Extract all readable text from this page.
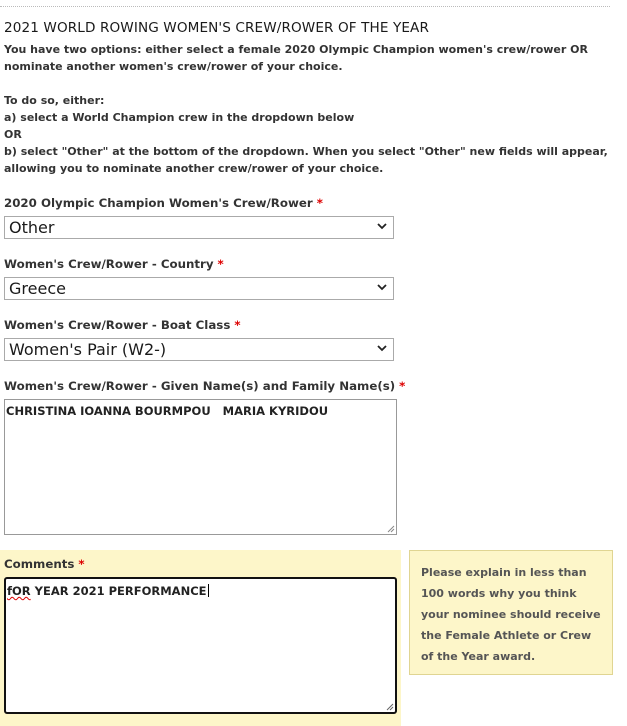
2021 WORLD ROWING WOMEN'S CREW/ROWER OF THE YEAR

You have two options: either select a female 2020 Olympic Champion women's crew/rower OR nominate another women's crew/rower of your choice.

To do so, either:

a) select a World Champion crew in the dropdown below

OR

b) select "Other" at the bottom of the dropdown. When you select "Other" new fields will appear, allowing you to nominate another crew/rower of your choice.

2020 Olympic Champion Women's Crew/Rower *
Other
Women's Crew/Rower - Country *
Greece
Women's Crew/Rower - Boat Class *
Women's Pair (W2-)
Women's Crew/Rower - Given Name(s) and Family Name(s) *
CHRISTINA IOANNA BOURMPOU   MARIA KYRIDOU
Comments *
fOR YEAR 2021 PERFORMANCE
Please explain in less than 100 words why you think your nominee should receive the Female Athlete or Crew of the Year award.
